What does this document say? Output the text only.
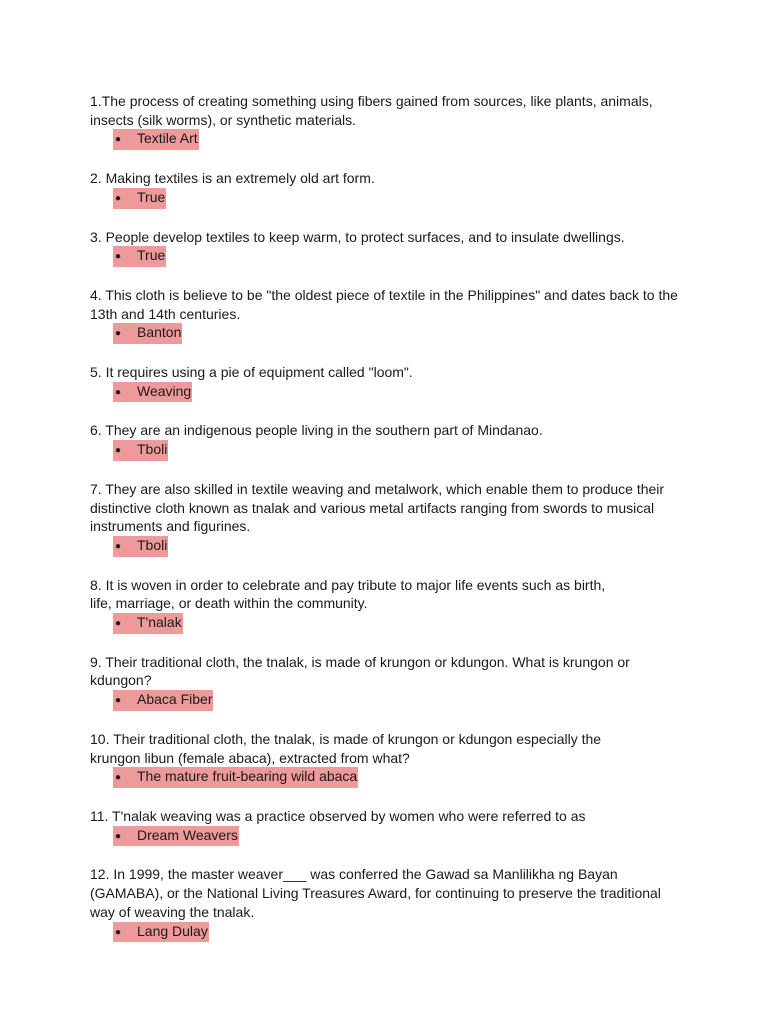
1.The process of creating something using fibers gained from sources, like plants, animals,
insects (silk worms), or synthetic materials.

● Textile Art

2. Making textiles is an extremely old art form.

● True

3. People develop textiles to keep warm, to protect surfaces, and to insulate dwellings.

● True

4. This cloth is believe to be "the oldest piece of textile in the Philippines" and dates back to the
13th and 14th centuries.

● Banton

5. It requires using a pie of equipment called "loom".

● Weaving

6. They are an indigenous people living in the southern part of Mindanao.

● Tboli

7. They are also skilled in textile weaving and metalwork, which enable them to produce their
distinctive cloth known as tnalak and various metal artifacts ranging from swords to musical
instruments and figurines.

● Tboli

8. It is woven in order to celebrate and pay tribute to major life events such as birth,
life, marriage, or death within the community.

● T'nalak

9. Their traditional cloth, the tnalak, is made of krungon or kdungon. What is krungon or
kdungon?

● Abaca Fiber

10. Their traditional cloth, the tnalak, is made of krungon or kdungon especially the
krungon libun (female abaca), extracted from what?

● The mature fruit-bearing wild abaca

11. T'nalak weaving was a practice observed by women who were referred to as

● Dream Weavers

12. In 1999, the master weaver___ was conferred the Gawad sa Manlilikha ng Bayan
(GAMABA), or the National Living Treasures Award, for continuing to preserve the traditional
way of weaving the tnalak.

● Lang Dulay
